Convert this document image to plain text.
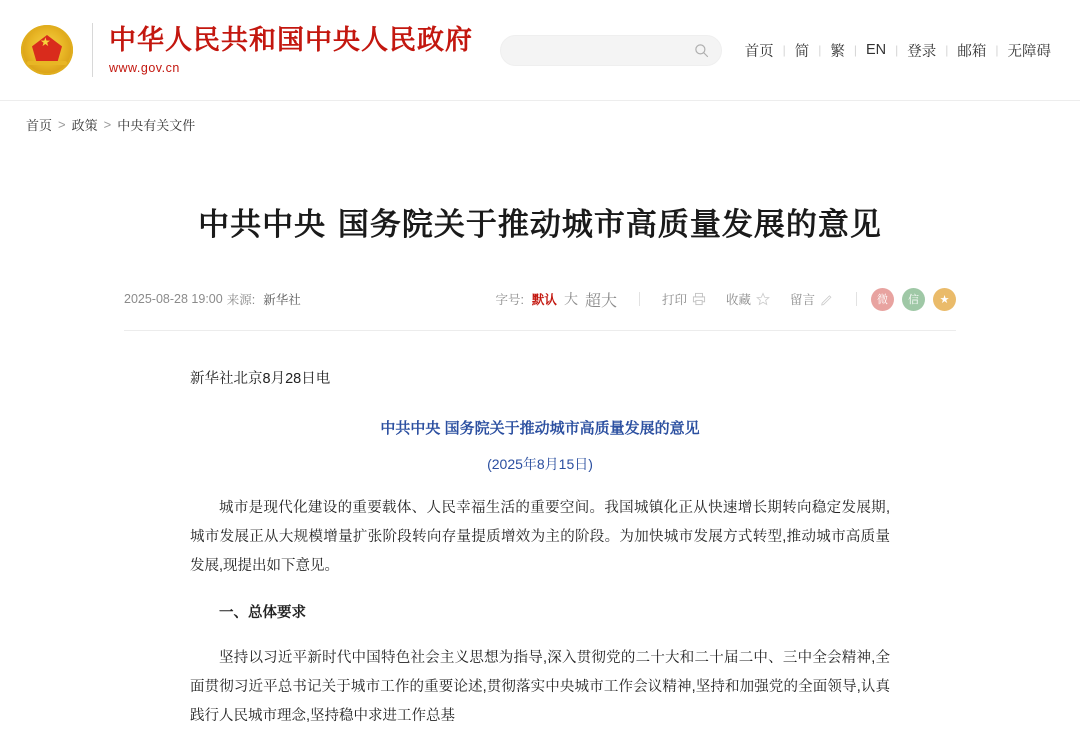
★ 中华人民共和国中央人民政府
www.gov.cn
首页 | 简 | 繁 | EN | 登录 | 邮箱 | 无障碍
首页 > 政策 > 中央有关文件
中共中央 国务院关于推动城市高质量发展的意见
2025-08-28 19:00 来源: 新华社	字号: 默认 大 超大	打印	收藏	留言	微	信	★
新华社北京8月28日电
中共中央 国务院关于推动城市高质量发展的意见
(2025年8月15日)

城市是现代化建设的重要载体、人民幸福生活的重要空间。我国城镇化正从快速增长期转向稳定发展期,城市发展正从大规模增量扩张阶段转向存量提质增效为主的阶段。为加快城市发展方式转型,推动城市高质量发展,现提出如下意见。

一、总体要求

坚持以习近平新时代中国特色社会主义思想为指导,深入贯彻党的二十大和二十届二中、三中全会精神,全面贯彻习近平总书记关于城市工作的重要论述,贯彻落实中央城市工作会议精神,坚持和加强党的全面领导,认真践行人民城市理念,坚持稳中求进工作总基
